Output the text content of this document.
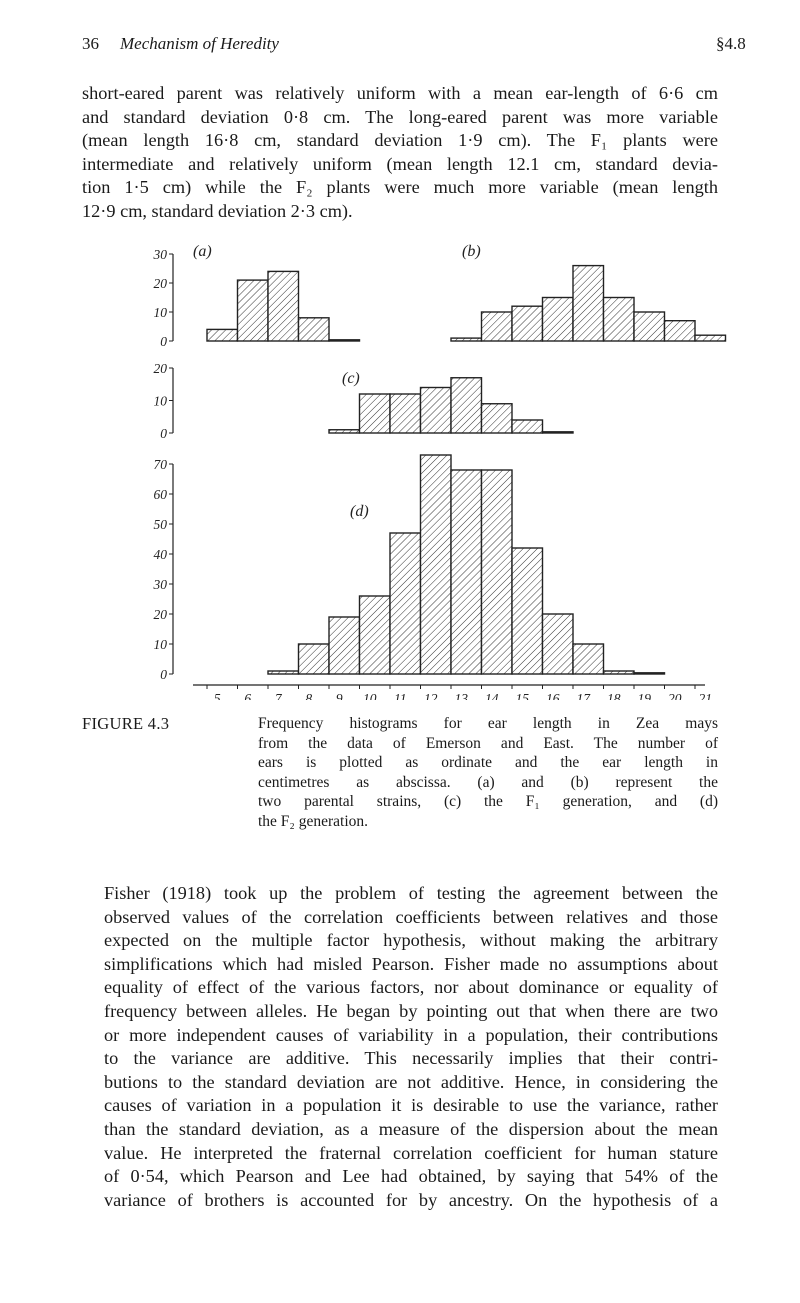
36 Mechanism of Heredity	§4.8

short-eared parent was relatively uniform with a mean ear-length of 6·6 cm
and standard deviation 0·8 cm. The long-eared parent was more variable
(mean length 16·8 cm, standard deviation 1·9 cm). The F₁ plants were
intermediate and relatively uniform (mean length 12.1 cm, standard devia-
tion 1·5 cm) while the F₂ plants were much more variable (mean length
12·9 cm, standard deviation 2·3 cm).

(a)
30
20
10
0
(b)
(c)
20
10
0
(d)
70
60
50
40
30
20
10
0
5 6 7 8 9 10 11 12 13 14 15 16 17 18 19 20 21
FIGURE 4.3	Frequency histograms for ear length in Zea mays
from the data of Emerson and East. The number of
ears is plotted as ordinate and the ear length in
centimetres as abscissa. (a) and (b) represent the
two parental strains, (c) the F₁ generation, and (d)
the F₂ generation.

Fisher (1918) took up the problem of testing the agreement between the
observed values of the correlation coefficients between relatives and those
expected on the multiple factor hypothesis, without making the arbitrary
simplifications which had misled Pearson. Fisher made no assumptions about
equality of effect of the various factors, nor about dominance or equality of
frequency between alleles. He began by pointing out that when there are two
or more independent causes of variability in a population, their contributions
to the variance are additive. This necessarily implies that their contri-
butions to the standard deviation are not additive. Hence, in considering the
causes of variation in a population it is desirable to use the variance, rather
than the standard deviation, as a measure of the dispersion about the mean
value. He interpreted the fraternal correlation coefficient for human stature
of 0·54, which Pearson and Lee had obtained, by saying that 54% of the
variance of brothers is accounted for by ancestry. On the hypothesis of a
